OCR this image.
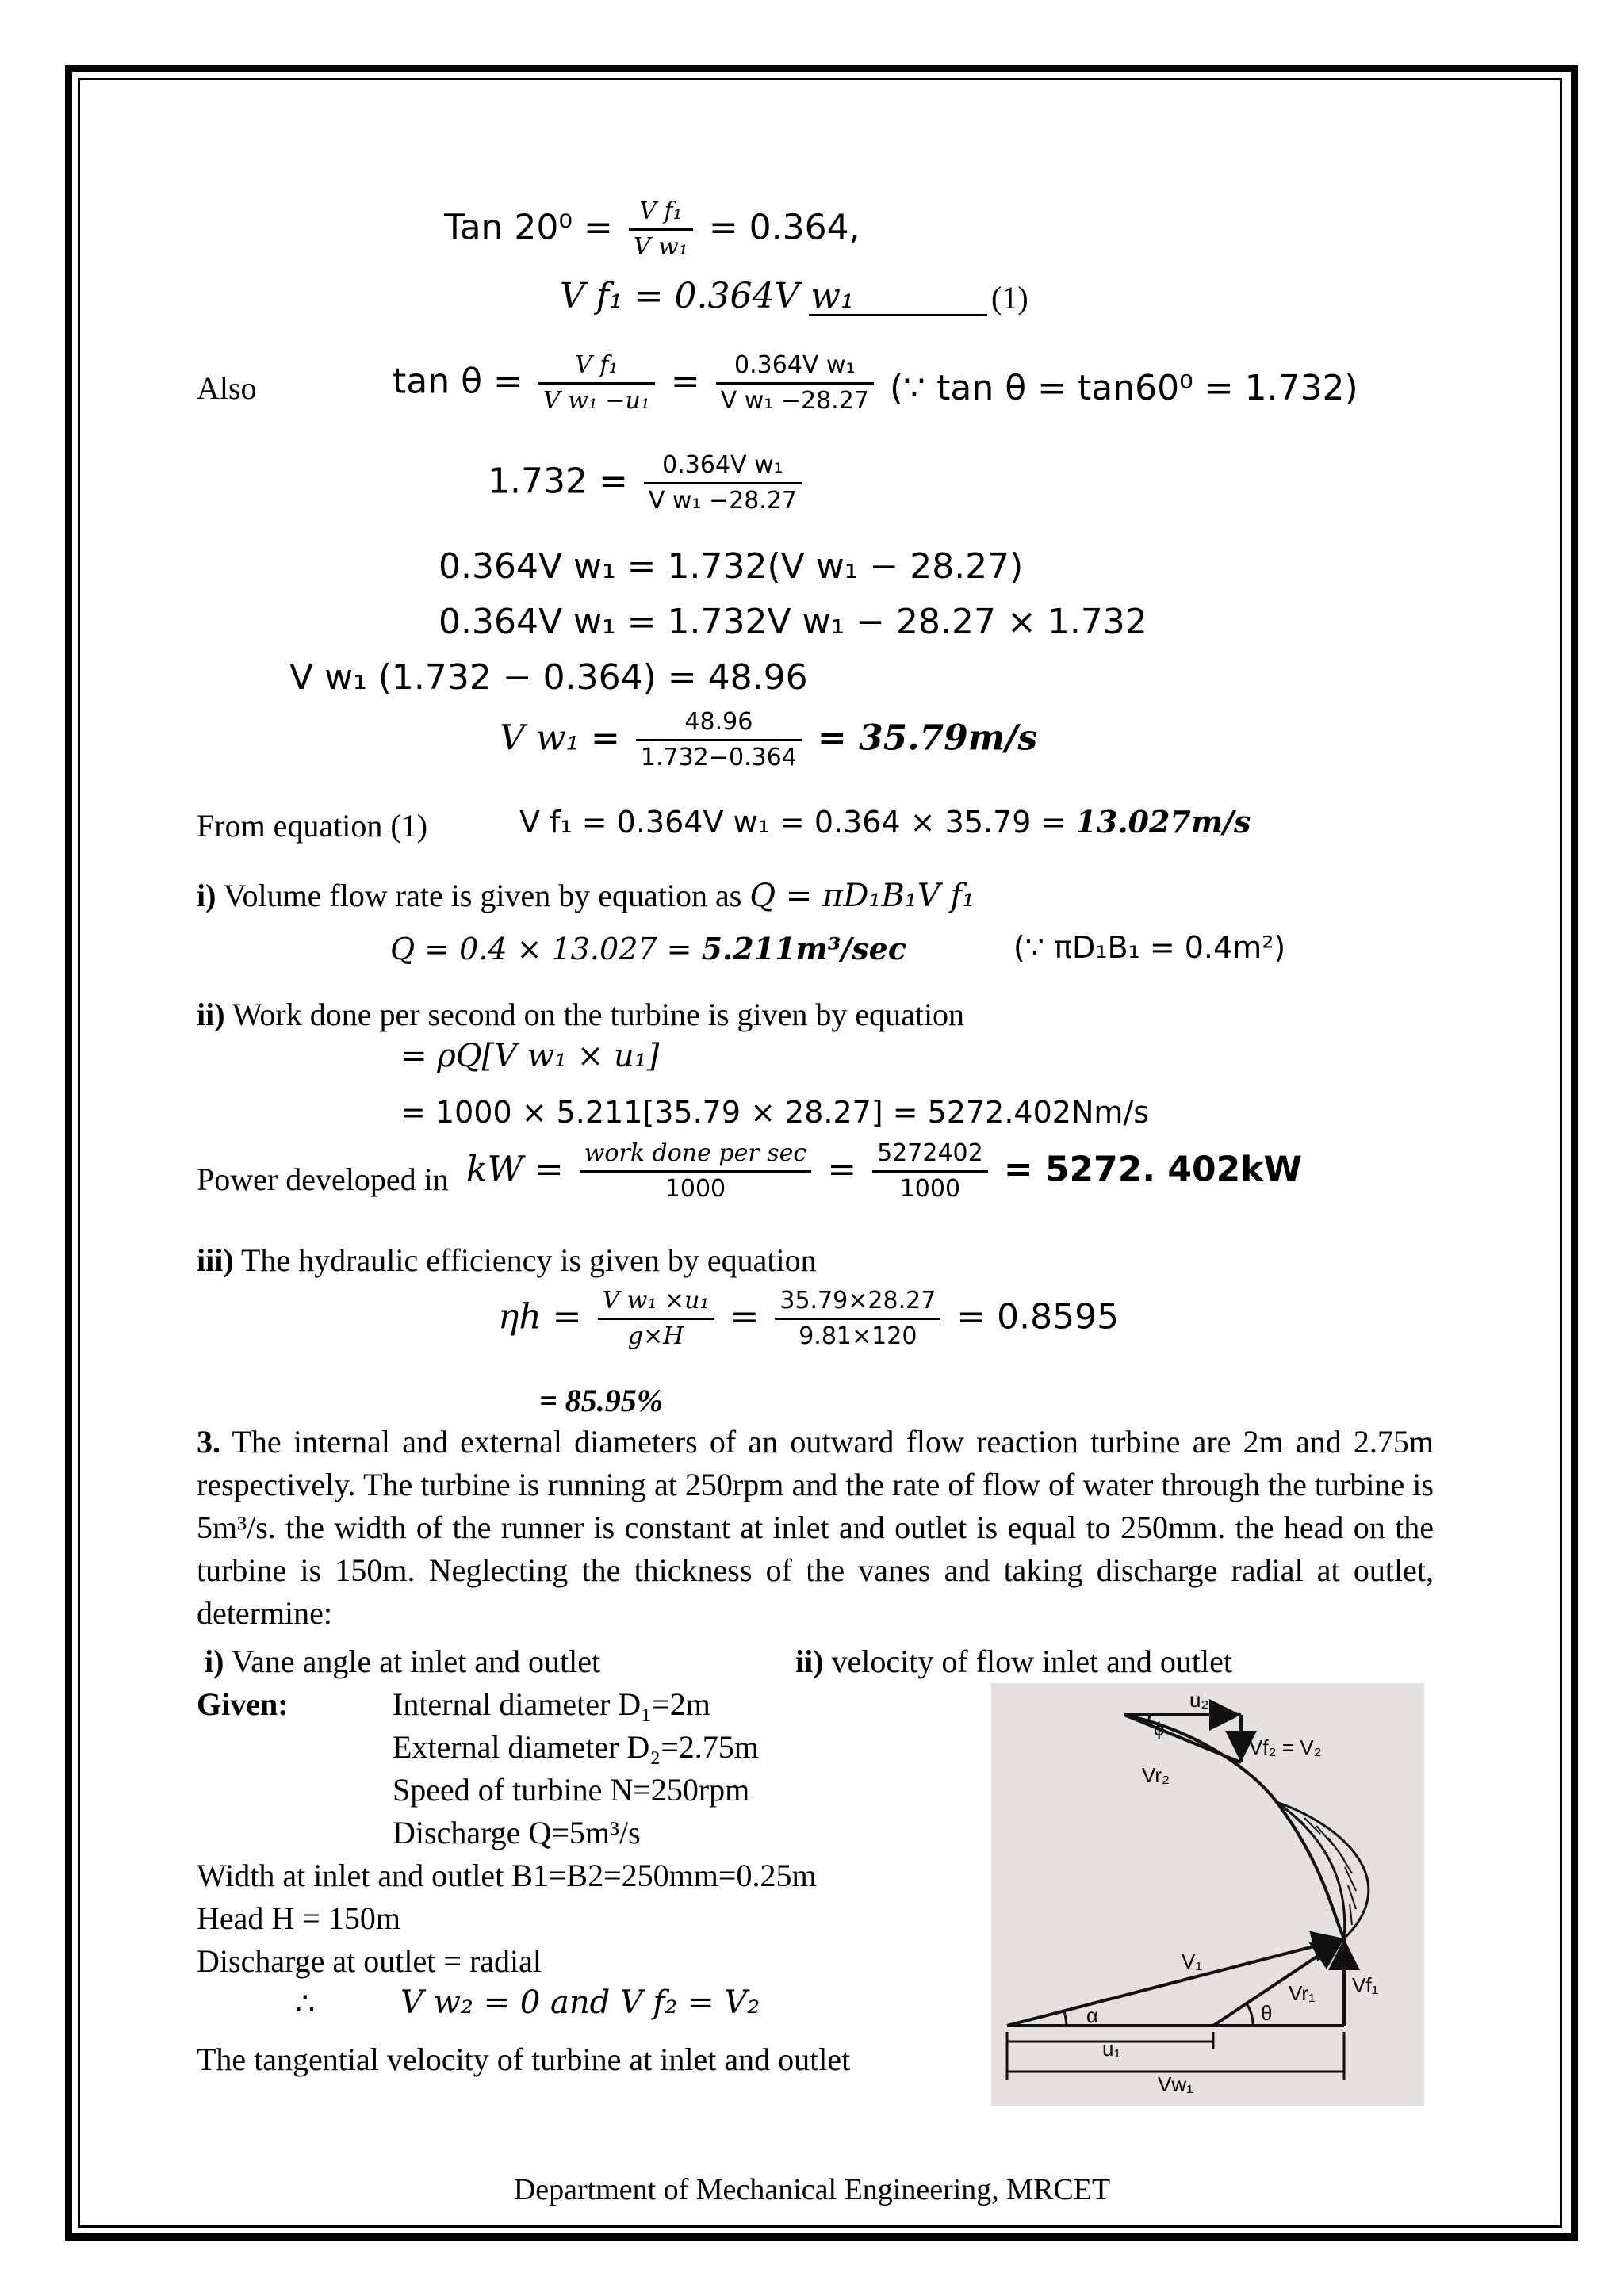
Tan $20^0 = \frac{\text{V f₁}}{\text{V w₁}} = 0.364$,
V f₁ = 0.364V w₁	(1)
Also	$\tan \theta = \frac{\text{V f₁}}{\text{V w₁ −u₁}} = \frac{\text{0.364V w₁}}{\text{V w₁ −28.27}}$ (∵ tan θ = tan60⁰ = 1.732)
$1.732 = \frac{\text{0.364V w₁}}{\text{V w₁ −28.27}}$
0.364V w₁ = 1.732(V w₁ − 28.27)
0.364V w₁ = 1.732V w₁ − 28.27 × 1.732
V w₁ (1.732 − 0.364) = 48.96
V $w_1 = \frac{48.96}{1.732-0.364} = 35.79m/s$
From equation (1)	V f₁ = 0.364V w₁ = 0.364 × 35.79 = 13.027m/s
i) Volume flow rate is given by equation as Q = πD₁B₁V f₁
Q = 0.4 × 13.027 = 5.211m³/sec	(∵ πD₁B₁ = 0.4m²)
ii) Work done per second on the turbine is given by equation
= ρQ[V w₁ × u₁]
= 1000 × 5.211[35.79 × 28.27] = 5272.402Nm/s
Power developed in kW = $\frac{\text{work done per sec}}{1000} = \frac{5272402}{1000} = 5272$. 402kW
iii) The hydraulic efficiency is given by equation
$\eta h = \frac{\text{V w₁ ×u₁}}{g\times H} = \frac{35.79\times 28.27}{9.81\times 120} = 0.8595$
= 85.95%
3. The internal and external diameters of an outward flow reaction turbine are 2m and 2.75m respectively. The turbine is running at 250rpm and the rate of flow of water through the turbine is 5m³/s. the width of the runner is constant at inlet and outlet is equal to 250mm. the head on the turbine is 150m. Neglecting the thickness of the vanes and taking discharge radial at outlet, determine:
i) Vane angle at inlet and outlet	ii) velocity of flow inlet and outlet
Given:	Internal diameter D₁=2m
External diameter D₂=2.75m
Speed of turbine N=250rpm
Discharge Q=5m³/s
Width at inlet and outlet B1=B2=250mm=0.25m
Head H = 150m
Discharge at outlet = radial
∴	V w₂ = 0 and V f₂ = V₂
The tangential velocity of turbine at inlet and outlet
u₂
ϕ
Vf₂ = V₂
Vr₂
V₁
Vr₁ Vf₁
α	θ
u₁
Vw₁
Department of Mechanical Engineering, MRCET
